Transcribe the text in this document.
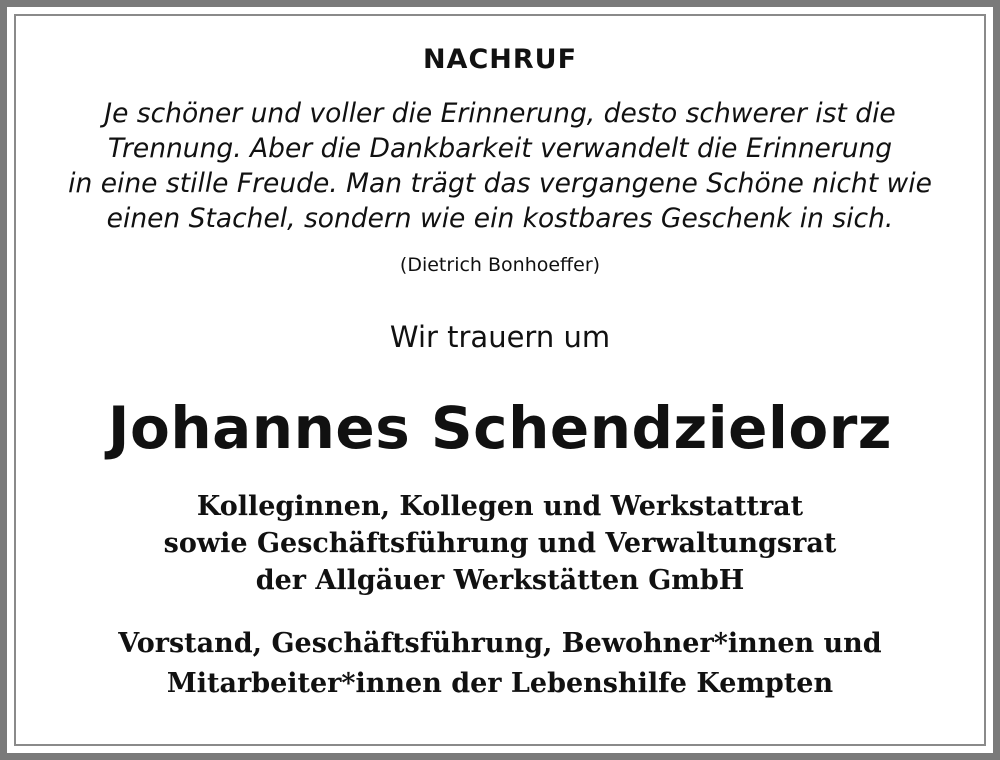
NACHRUF
Je schöner und voller die Erinnerung, desto schwerer ist die
Trennung. Aber die Dankbarkeit verwandelt die Erinnerung
in eine stille Freude. Man trägt das vergangene Schöne nicht wie
einen Stachel, sondern wie ein kostbares Geschenk in sich.
(Dietrich Bonhoeffer)
Wir trauern um
Johannes Schendzielorz
Kolleginnen, Kollegen und Werkstattrat
sowie Geschäftsführung und Verwaltungsrat
der Allgäuer Werkstätten GmbH
Vorstand, Geschäftsführung, Bewohner*innen und
Mitarbeiter*innen der Lebenshilfe Kempten
